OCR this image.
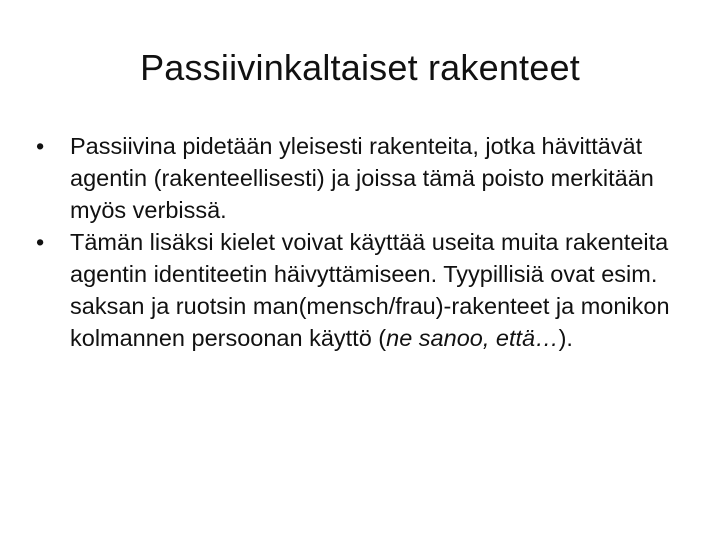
Passiivinkaltaiset rakenteet
•	Passiivina pidetään yleisesti rakenteita, jotka hävittävät agentin (rakenteellisesti) ja joissa tämä poisto merkitään myös verbissä.
•	Tämän lisäksi kielet voivat käyttää useita muita rakenteita agentin identiteetin häivyttämiseen. Tyypillisiä ovat esim. saksan ja ruotsin man(mensch/frau)-rakenteet ja monikon kolmannen persoonan käyttö (ne sanoo, että…).
